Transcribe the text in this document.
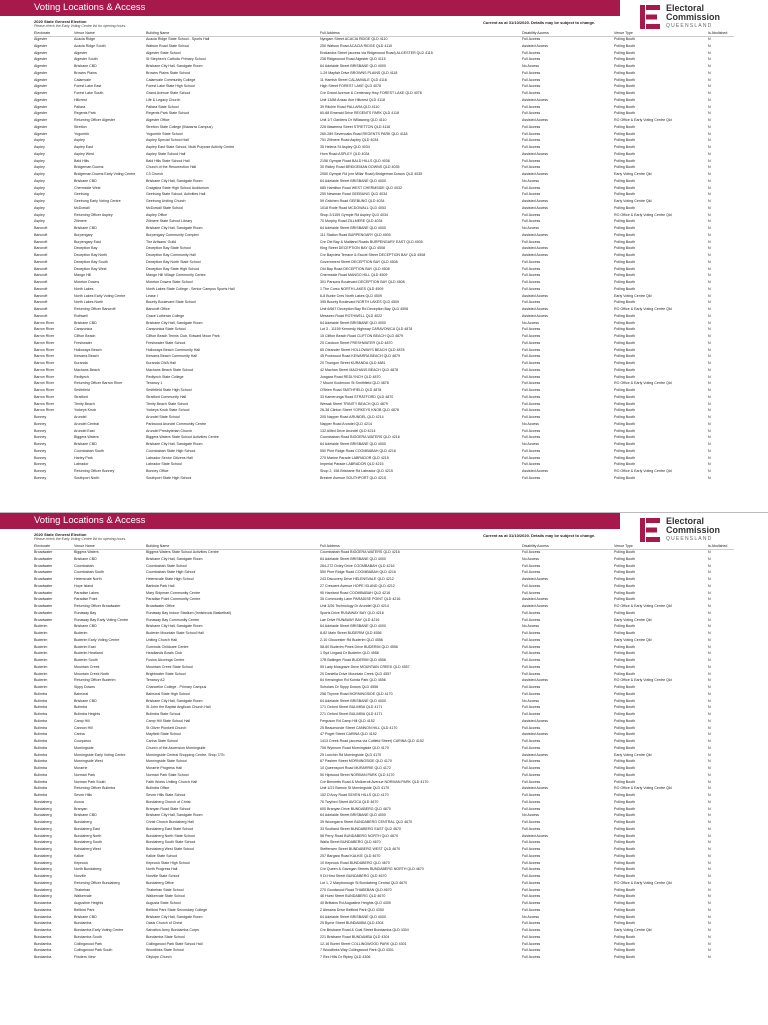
Voting Locations & Access	Electoral
Commission
QUEENSLAND
2020 State General Election
Please check the Early Voting Centre list for opening hours.
Current as at 31/10/2020. Details may be subject to change.
Electorate	Venue Name	Building Name	Full Address	Disability Access	Venue Type	Is Abolished
Algester	Acacia Ridge	Acacia Ridge State School - Sports Hall	Nyngam Street ACACIA RIDGE QLD 4110	Full Access	Polling Booth	N
Algester	Acacia Ridge South	Watson Road State School	250 Watson Road ACACIA RIDGE QLD 4110	Assisted Access	Polling Booth	N
Algester	Algester	Algester State School	Endiandra Street (access via Ridgewood Road) ALGESTER QLD 4115	Full Access	Polling Booth	N
Algester	Algester South	St Stephen's Catholic Primary School	236 Ridgewood Road Algester QLD 4115	Full Access	Polling Booth	N
Algester	Brisbane CBD	Brisbane City Hall, Sandgate Room	64 Adelaide Street BRISBANE QLD 4000	No Access	Polling Booth	N
Algester	Browns Plains	Browns Plains State School	1-29 Mayfair Drive BROWNS PLAINS QLD 4118	Full Access	Polling Booth	N
Algester	Calamvale	Calamvale Community College	11 Hamish Street CALAMVALE QLD 4116	Full Access	Polling Booth	N
Algester	Forest Lake East	Forest Lake State High School	High Street FOREST LAKE QLD 4078	Full Access	Polling Booth	N
Algester	Forest Lake South	Grand Avenue State School	Cnr Grand Avenue & Centenary Hwy FOREST LAKE QLD 4078	Full Access	Polling Booth	N
Algester	Hillcrest	Life & Legacy Church	Unit 13/88 Anzac Ave Hillcrest QLD 4118	Assisted Access	Polling Booth	N
Algester	Pallara	Pallara State School	39 Ritchie Road PALLARA QLD 4110	Full Access	Polling Booth	N
Algester	Regents Park	Regents Park State School	60-68 Emerald Drive REGENTS PARK QLD 4118	Full Access	Polling Booth	N
Algester	Returning Officer Algester	Algester Office	Unit 1/7 Gardens Dr Willawong QLD 4110	Assisted Access	RO Office & Early Voting Centre Qld	N
Algester	Stretton	Stretton State College (Illawarra Campus)	226 Illaweena Street STRETTON QLD 4116	Full Access	Polling Booth	N
Algester	Yugumbir	Yugumbir State School	260-289 Sevenoaks Road REGENTS PARK QLD 4118	Full Access	Polling Booth	N
Aspley	Aspley	Aspley Special School Hall	751 Zillmere Road Aspley QLD 4034	Full Access	Polling Booth	N
Aspley	Aspley East	Aspley East State School, Multi Purpose Activity Centre	35 Helena St Aspley QLD 4034	Full Access	Polling Booth	N
Aspley	Aspley West	Aspley State School Hall	Horn Road ASPLEY QLD 4034	Assisted Access	Polling Booth	N
Aspley	Bald Hills	Bald Hills State School Hall	2156 Gympie Road BALD HILLS QLD 4036	Full Access	Polling Booth	N
Aspley	Bridgeman Downs	Church of the Resurrection Hall	30 Ridley Road BRIDGEMAN DOWNS QLD 4035	Full Access	Polling Booth	N
Aspley	Bridgeman Downs Early Voting Centre	C3 Church	2050 Gympie Rd (cnr Millar Road) Bridgeman Downs QLD 4035	Assisted Access	Early Voting Centre Qld	N
Aspley	Brisbane CBD	Brisbane City Hall, Sandgate Room	64 Adelaide Street BRISBANE QLD 4000	No Access	Polling Booth	N
Aspley	Chermside West	Craigslea State High School Auditorium	685 Hamilton Road WEST CHERMSIDE QLD 4032	Full Access	Polling Booth	N
Aspley	Geebung	Geebung State School, Activities Hall	250 Newman Road GEEBUNG QLD 4034	Full Access	Polling Booth	N
Aspley	Geebung Early Voting Centre	Geebung Uniting Church	59 Gritchen Road GEEBUNG QLD 4034	Assisted Access	Early Voting Centre Qld	N
Aspley	McDowall	McDowall State School	1018 Rode Road MCDOWALL QLD 4053	Assisted Access	Polling Booth	N
Aspley	Returning Officer Aspley	Aspley Office	Shop 2/1159 Gympie Rd Aspley QLD 4034	Full Access	RO Office & Early Voting Centre Qld	N
Aspley	Zillmere	Zillmere State School Library	70 Murphy Road ZILLMERE QLD 4034	Full Access	Polling Booth	N
Bancroft	Brisbane CBD	Brisbane City Hall, Sandgate Room	64 Adelaide Street BRISBANE QLD 4000	No Access	Polling Booth	N
Bancroft	Burpengary	Burpengary Community Complex	111 Station Road BURPENGARY QLD 4505	Assisted Access	Polling Booth	N
Bancroft	Burpengary East	The Artisans' Guild	Cnr Old Bay & Maitland Roads BURPENGARY EAST QLD 4505	Full Access	Polling Booth	N
Bancroft	Deception Bay	Deception Bay State School	King Street DECEPTION BAY QLD 4508	Assisted Access	Polling Booth	N
Bancroft	Deception Bay North	Deception Bay Community Hall	Cnr Bayview Terrace & Escott Street DECEPTION BAY QLD 4508	Assisted Access	Polling Booth	N
Bancroft	Deception Bay South	Deception Bay North State School	Government Street DECEPTION BAY QLD 4508	Full Access	Polling Booth	N
Bancroft	Deception Bay West	Deception Bay State High School	Old Bay Road DECEPTION BAY QLD 4508	Full Access	Polling Booth	N
Bancroft	Mango Hill	Mango Hill Village Community Centre	Chermside Road MANGO HILL QLD 4509	Full Access	Polling Booth	N
Bancroft	Moreton Downs	Moreton Downs State School	301 Parsons Boulevard DECEPTION BAY QLD 4508	Full Access	Polling Booth	N
Bancroft	North Lakes	North Lakes State College - Senior Campus Sports Hall	1 The Corso NORTH LAKES QLD 4509	Full Access	Polling Booth	N
Bancroft	North Lakes Early Voting Centre	Lease I	6-8 Burke Cres North Lakes QLD 4509	Assisted Access	Early Voting Centre Qld	N
Bancroft	North Lakes North	Bounty Boulevard State School	395 Bounty Boulevard NORTH LAKES QLD 4509	Full Access	Polling Booth	N
Bancroft	Returning Officer Bancroft	Bancroft Office	Unit 6/667 Deception Bay Rd Deception Bay QLD 4508	Assisted Access	RO Office & Early Voting Centre Qld	N
Bancroft	Rothwell	Grace Lutheran College	Messeec Road ROTHWELL QLD 4022	Assisted Access	Polling Booth	N
Barron River	Brisbane CBD	Brisbane City Hall, Sandgate Room	64 Adelaide Street BRISBANE QLD 4000	No Access	Polling Booth	N
Barron River	Caravonica	Caravonica State School	Lot 3 - 11159 Kennedy Highway CARAVONICA QLD 4878	Full Access	Polling Booth	N
Barron River	Clifton Beach	Clifton Beach Tennis Club, Edward Moon Park	15 Clifton Beach Road CLIFTON BEACH QLD 4879	Full Access	Polling Booth	N
Barron River	Freshwater	Freshwater State School	20 Cardoon Street FRESHWATER QLD 4870	Full Access	Polling Booth	N
Barron River	Holloways Beach	Holloways Beach Community Hall	65 Oleander Street HOLLOWAYS BEACH QLD 4878	Full Access	Polling Booth	N
Barron River	Kewarra Beach	Kewarra Beach Community Hall	45 Poolwood Road KEWARRA BEACH QLD 4879	Full Access	Polling Booth	N
Barron River	Kuranda	Kuranda CWA Hall	20 Thongon Street KURANDA QLD 4881	Full Access	Polling Booth	N
Barron River	Machans Beach	Machans Beach State School	42 Machan Street MACHANS BEACH QLD 4878	Full Access	Polling Booth	N
Barron River	Redlynch	Redlynch State College	Jungara Road REDLYNCH QLD 4870	Full Access	Polling Booth	N
Barron River	Returning Officer Barron River	Tenancy 1	7 Mount Koolmoon St Smithfield QLD 4878	Full Access	RO Office & Early Voting Centre Qld	N
Barron River	Smithfield	Smithfield State High School	O'Brien Road SMITHFIELD QLD 4878	Full Access	Polling Booth	N
Barron River	Stratford	Stratford Community Hall	33 Kamerunga Road STRATFORD QLD 4870	Full Access	Polling Booth	N
Barron River	Trinity Beach	Trinity Beach State School	Wewak Street TRINITY BEACH QLD 4879	Full Access	Polling Booth	N
Barron River	Yorkeys Knob	Yorkeys Knob State School	26-38 Clinton Street YORKEYS KNOB QLD 4878	Full Access	Polling Booth	N
Bonney	Arundel	Arundel State School	205 Napper Road ARUNDEL QLD 4214	Full Access	Polling Booth	N
Bonney	Arundel Central	Parkwood Arundel Community Centre	Napper Road Arundel QLD 4214	No Access	Polling Booth	N
Bonney	Arundel East	Arundel Presbyterian Church	132 Allied Drive Arundel QLD 4214	Full Access	Polling Booth	N
Bonney	Biggera Waters	Biggera Waters State School Activities Centre	Coombabah Road BIGGERA WATERS QLD 4216	Full Access	Polling Booth	N
Bonney	Brisbane CBD	Brisbane City Hall, Sandgate Room	64 Adelaide Street BRISBANE QLD 4000	No Access	Polling Booth	N
Bonney	Coombabah South	Coombabah State High School	550 Pine Ridge Road COOMBABAH QLD 4216	Full Access	Polling Booth	N
Bonney	Harley Park	Labrador Senior Citizens Hall	270 Marine Parade LABRADOR QLD 4215	Full Access	Polling Booth	N
Bonney	Labrador	Labrador State School	Imperial Parade LABRADOR QLD 4215	Full Access	Polling Booth	N
Bonney	Returning Officer Bonney	Bonney Office	Shop 2, 158 Brisbane Rd Labrador QLD 4215	Assisted Access	RO Office & Early Voting Centre Qld	N
Bonney	Southport North	Southport State High School	Brezine Avenue SOUTHPORT QLD 4215	Full Access	Polling Booth	N
Voting Locations & Access	Electoral
Commission
QUEENSLAND
2020 State General Election
Please check the Early Voting Centre list for opening hours.
Current as at 31/10/2020. Details may be subject to change.
Electorate	Venue Name	Building Name	Full Address	Disability Access	Venue Type	Is Abolished
Broadwater	Biggera Waters	Biggera Waters State School Activities Centre	Coombabah Road BIGGERA WATERS QLD 4216	Full Access	Polling Booth	N
Broadwater	Brisbane CBD	Brisbane City Hall, Sandgate Room	64 Adelaide Street BRISBANE QLD 4000	No Access	Polling Booth	N
Broadwater	Coombabah	Coombabah State School	264-272 Oxley Drive COOMBABAH QLD 4216	Full Access	Polling Booth	N
Broadwater	Coombabah South	Coombabah State High School	550 Pine Ridge Road COOMBABAH QLD 4216	Full Access	Polling Booth	N
Broadwater	Helensvale North	Helensvale State High School	243 Discovery Drive HELENSVALE QLD 4212	Assisted Access	Polling Booth	N
Broadwater	Hope Island	Banksia Park Hall	27 Crescent Avenue HOPE ISLAND QLD 4212	Full Access	Polling Booth	N
Broadwater	Paradise Lakes	Mary Shipman Community Centre	95 Harrland Road COOMBABAH QLD 4216	Full Access	Polling Booth	N
Broadwater	Paradise Point	Paradise Point Community Centre	35 Community Lane PARADISE POINT QLD 4216	Assisted Access	Polling Booth	N
Broadwater	Returning Officer Broadwater	Broadwater Office	Unit 3/26 Technology Dr Arundel QLD 4214	Assisted Access	RO Office & Early Voting Centre Qld	N
Broadwater	Runaway Bay	Runaway Bay Indoor Stadium (Innisbrook Basketball)	Sports Drive RUNAWAY BAY QLD 4216	Full Access	Polling Booth	N
Broadwater	Runaway Bay Early Voting Centre	Runaway Bay Community Centre	Lae Drive RUNAWAY BAY QLD 4216	Full Access	Early Voting Centre Qld	N
Buderim	Brisbane CBD	Brisbane City Hall, Sandgate Room	64 Adelaide Street BRISBANE QLD 4000	No Access	Polling Booth	N
Buderim	Buderim	Buderim Mountain State School Hall	8-82 Main Street BUDERIM QLD 4556	Full Access	Polling Booth	N
Buderim	Buderim Early Voting Centre	Uniting Church Hall	2-10 Gloucester Rd Buderim QLD 4556	Full Access	Early Voting Centre Qld	N
Buderim	Buderim East	Gumnuts Childcare Centre	58-60 Buderim Pines Drive BUDERIM QLD 4556	Full Access	Polling Booth	N
Buderim	Buderim Heatland	Headlands Bowls Club	1 Syd Lingard Dr Buderim QLD 4556	Full Access	Polling Booth	N
Buderim	Buderim South	Fusion Alcoringa Centre	17B Ballinger Road BUDERIM QLD 4556	Full Access	Polling Booth	N
Buderim	Mountain Creek	Mountain Creek State School	55 Lady Musgrave Drive MOUNTAIN CREEK QLD 4557	Full Access	Polling Booth	N
Buderim	Mountain Creek North	Brightwater State School	20 Daniella Drive Mountain Creek QLD 4557	Full Access	Polling Booth	N
Buderim	Returning Officer Buderim	Tenancy A2	64 Kensington Rd Kunda Park QLD 4556	Assisted Access	RO Office & Early Voting Centre Qld	N
Buderim	Sippy Downs	Chancellor College - Primary Campus	Scholars Dr Sippy Downs QLD 4556	Full Access	Polling Booth	N
Bulimba	Balmoral	Balmoral State High School	258 Thynne Road MORNINGSIDE QLD 4170	Full Access	Polling Booth	N
Bulimba	Brisbane CBD	Brisbane City Hall, Sandgate Room	64 Adelaide Street BRISBANE QLD 4000	No Access	Polling Booth	N
Bulimba	Bulimba	St John the Baptist Anglican Church Hall	171 Oxford Street BULIMBA QLD 4171	Full Access	Polling Booth	N
Bulimba	Bulimba Heights	Bulimba State School	271 Oxford Street BULIMBA QLD 4171	Full Access	Polling Booth	N
Bulimba	Camp Hill	Camp Hill State School Hall	Ferguson Rd Camp Hill QLD 4152	Assisted Access	Polling Booth	N
Bulimba	Cannon Hill	St Oliver Plunkett Church	25 Beaumonde Street CANNON HILL QLD 4170	Full Access	Polling Booth	N
Bulimba	Carina	Mayfield State School	47 Poget Street CARINA QLD 4152	Assisted Access	Polling Booth	N
Bulimba	Coorparoo	Carina State School	1413 Creek Road (access via Cutfield Street) CARINA QLD 4152	Full Access	Polling Booth	N
Bulimba	Morningside	Church of the Ascension Morningside	706 Wynnum Road Morningside QLD 4170	Full Access	Polling Booth	N
Bulimba	Morningside Early Voting Centre	Morningside Central Shopping Centre, Shop 7/7b	25 Lunchin Rd Morningside QLD 4170	Assisted Access	Early Voting Centre Qld	N
Bulimba	Morningside West	Morningside State School	67 Pashen Street MORNINGSIDE QLD 4170	Full Access	Polling Booth	N
Bulimba	Murarrie	Murarrie Progress Hall	10 Queensport Road MURARRIE QLD 4172	Full Access	Polling Booth	N
Bulimba	Norman Park	Norman Park State School	50 Hipwood Street NORMAN PARK QLD 4170	Full Access	Polling Booth	N
Bulimba	Norman Park South	Faith Works Uniting Church Hall	Cnr Bennetts Road & Molloerolt Avenue NORMAN PARK QLD 4170	Full Access	Polling Booth	N
Bulimba	Returning Officer Bulimba	Bulimba Office	Unit 1/21 Barrow St Morningside QLD 4170	Assisted Access	RO Office & Early Voting Centre Qld	N
Bulimba	Seven Hills	Seven Hills State School	152 D'Arcy Road SEVEN HILLS QLD 4170	Full Access	Polling Booth	N
Bundaberg	Avoca	Bundaberg Church of Christ	76 Twyford Street AVOCA QLD 4670	Full Access	Polling Booth	N
Bundaberg	Branyan	Branyan Road State School	600 Branyan Drive BUNDABERG QLD 4670	Full Access	Polling Booth	N
Bundaberg	Brisbane CBD	Brisbane City Hall, Sandgate Room	64 Adelaide Street BRISBANE QLD 4000	No Access	Polling Booth	N
Bundaberg	Bundaberg	Christ Church Bundaberg Hall	39 Woongarra Street BUNDABERG CENTRAL QLD 4670	Full Access	Polling Booth	N
Bundaberg	Bundaberg East	Bundaberg East State School	33 Scotland Street BUNDABERG EAST QLD 4670	Full Access	Polling Booth	N
Bundaberg	Bundaberg North	Bundaberg North State School	58 Perry Road BUNDABERG NORTH QLD 4670	Assisted Access	Polling Booth	N
Bundaberg	Bundaberg South	Bundaberg South State School	Walla Street BUNDABERG QLD 4670	Full Access	Polling Booth	N
Bundaberg	Bundaberg West	Bundaberg West State School	Steffensen Street BUNDABERG WEST QLD 4670	Full Access	Polling Booth	N
Bundaberg	Kalkie	Kalkie State School	257 Bargara Road KALKIE QLD 4670	Full Access	Polling Booth	N
Bundaberg	Kepnock	Kepnock State High School	10 Kepnock Road BUNDABERG QLD 4670	Full Access	Polling Booth	N
Bundaberg	North Bundaberg	North Progress Hall	Cnr Queen & Gavegan Streets BUNDABERG NORTH QLD 4670	Full Access	Polling Booth	N
Bundaberg	Norville	Norville State School	9 Di Hirst Street BUNDABERG QLD 4670	Full Access	Polling Booth	N
Bundaberg	Returning Officer Bundaberg	Bundaberg Office	Lot 1, 2 Maryborough St Bundaberg Central QLD 4670	Full Access	RO Office & Early Voting Centre Qld	N
Bundaberg	Thabeban	Thabeban State School	270 Goodwood Road THABEBAN QLD 4670	Full Access	Polling Booth	N
Bundaberg	Walkervale	Walkervale State School	46 Hurst Street BUNDABERG QLD 4670	Full Access	Polling Booth	N
Bundamba	Augustine Heights	Augusta State School	40 Brittains Rd Augustine Heights QLD 4300	Full Access	Polling Booth	N
Bundamba	Bellbird Park	Bellbird Park State Secondary College	2 Alesana Drive Bellbird Park QLD 4300	Full Access	Polling Booth	N
Bundamba	Brisbane CBD	Brisbane City Hall, Sandgate Room	64 Adelaide Street BRISBANE QLD 4000	No Access	Polling Booth	N
Bundamba	Bundamba	Oasis Church of Christ	25 Byrne Street BUNDAMBA QLD 4304	Full Access	Polling Booth	N
Bundamba	Bundamba Early Voting Centre	Salvation Army Bundamba Corps	Cnr Brisbane Road & Coal Street Bundamba QLD 4304	Full Access	Early Voting Centre Qld	N
Bundamba	Bundamba South	Bundamba State School	221 Brisbane Road BUNDAMBA QLD 4304	Full Access	Polling Booth	N
Bundamba	Collingwood Park	Collingwood Park State School Hall	12-16 Burrel Street COLLINGWOOD PARK QLD 4301	Full Access	Polling Booth	N
Bundamba	Collingwood Park South	Woodlinks State School	7 Woodlinks Way Collingwood Park QLD 4301	Full Access	Polling Booth	N
Bundamba	Flinders View	Citylope Church	7 Rex Hills Dr Ripley QLD 4306	Full Access	Polling Booth	N
